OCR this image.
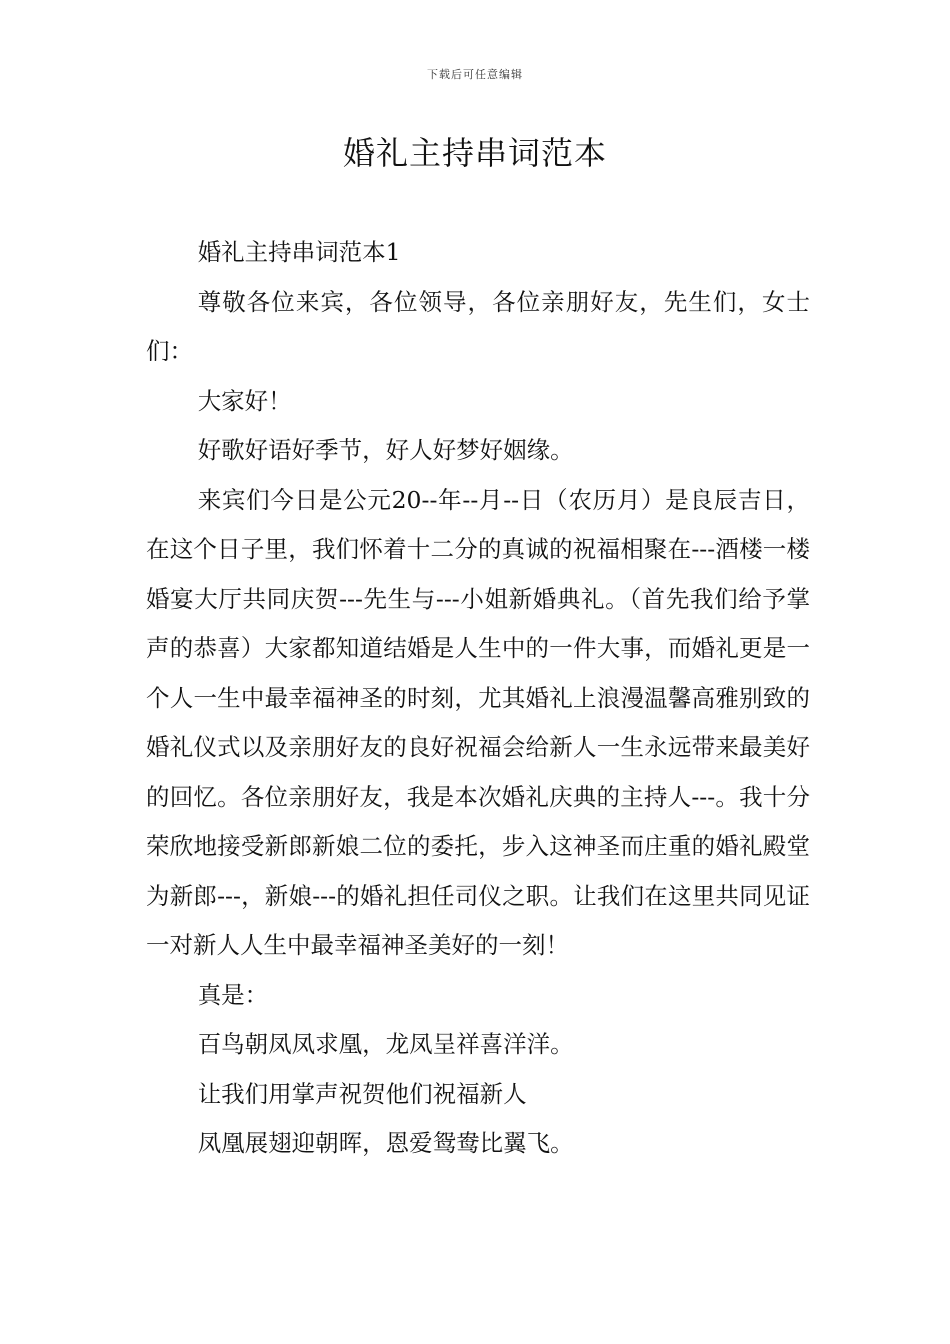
下载后可任意编辑
婚礼主持串词范本

婚礼主持串词范本1

尊敬各位来宾，各位领导，各位亲朋好友，先生们，女士们：

大家好！

好歌好语好季节，好人好梦好姻缘。

来宾们今日是公元20--年--月--日（农历月）是良辰吉日，在这个日子里，我们怀着十二分的真诚的祝福相聚在---酒楼一楼婚宴大厅共同庆贺---先生与---小姐新婚典礼。（首先我们给予掌声的恭喜）大家都知道结婚是人生中的一件大事，而婚礼更是一个人一生中最幸福神圣的时刻，尤其婚礼上浪漫温馨高雅别致的婚礼仪式以及亲朋好友的良好祝福会给新人一生永远带来最美好的回忆。各位亲朋好友，我是本次婚礼庆典的主持人---。我十分荣欣地接受新郎新娘二位的委托，步入这神圣而庄重的婚礼殿堂为新郎---，新娘---的婚礼担任司仪之职。让我们在这里共同见证一对新人人生中最幸福神圣美好的一刻！

真是：

百鸟朝凤凤求凰，龙凤呈祥喜洋洋。

让我们用掌声祝贺他们祝福新人

凤凰展翅迎朝晖，恩爱鸳鸯比翼飞。
